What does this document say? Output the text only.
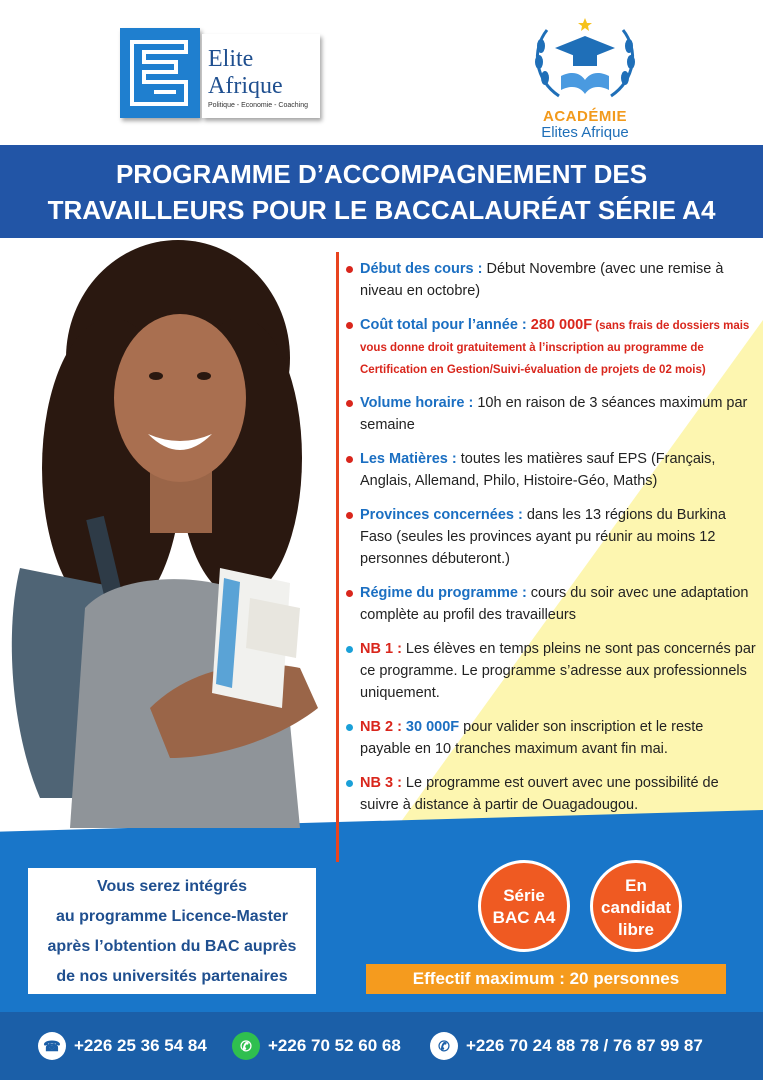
Elite
Afrique
Politique - Economie - Coaching
ACADÉMIE
Elites Afrique
PROGRAMME D’ACCOMPAGNEMENT DES
TRAVAILLEURS POUR LE BACCALAURÉAT SÉRIE A4
Début des cours : Début Novembre (avec une remise à niveau en octobre)
Coût total pour l’année : 280 000F (sans frais de dossiers mais vous donne droit gratuitement à l’inscription au programme de Certification en Gestion/Suivi-évaluation de projets de 02 mois)
Volume horaire : 10h en raison de 3 séances maximum par semaine
Les Matières : toutes les matières sauf EPS (Français, Anglais, Allemand, Philo, Histoire-Géo, Maths)
Provinces concernées : dans les 13 régions du Burkina Faso (seules les provinces ayant pu réunir au moins 12 personnes débuteront.)
Régime du programme : cours du soir avec une adaptation complète au profil des travailleurs
NB 1 : Les élèves en temps pleins ne sont pas concernés par ce programme. Le programme s’adresse aux professionnels uniquement.
NB 2 : 30 000F pour valider son inscription et le reste payable en 10 tranches maximum avant fin mai.
NB 3 : Le programme est ouvert avec une possibilité de suivre à distance à partir de Ouagadougou.
Vous serez intégrés
au programme Licence-Master
après l’obtention du BAC auprès
de nos universités partenaires
Série
BAC A4
En
candidat
libre
Effectif maximum : 20 personnes
☎ +226 25 36 54 84	✆ +226 70 52 60 68	✆ +226 70 24 88 78 / 76 87 99 87
